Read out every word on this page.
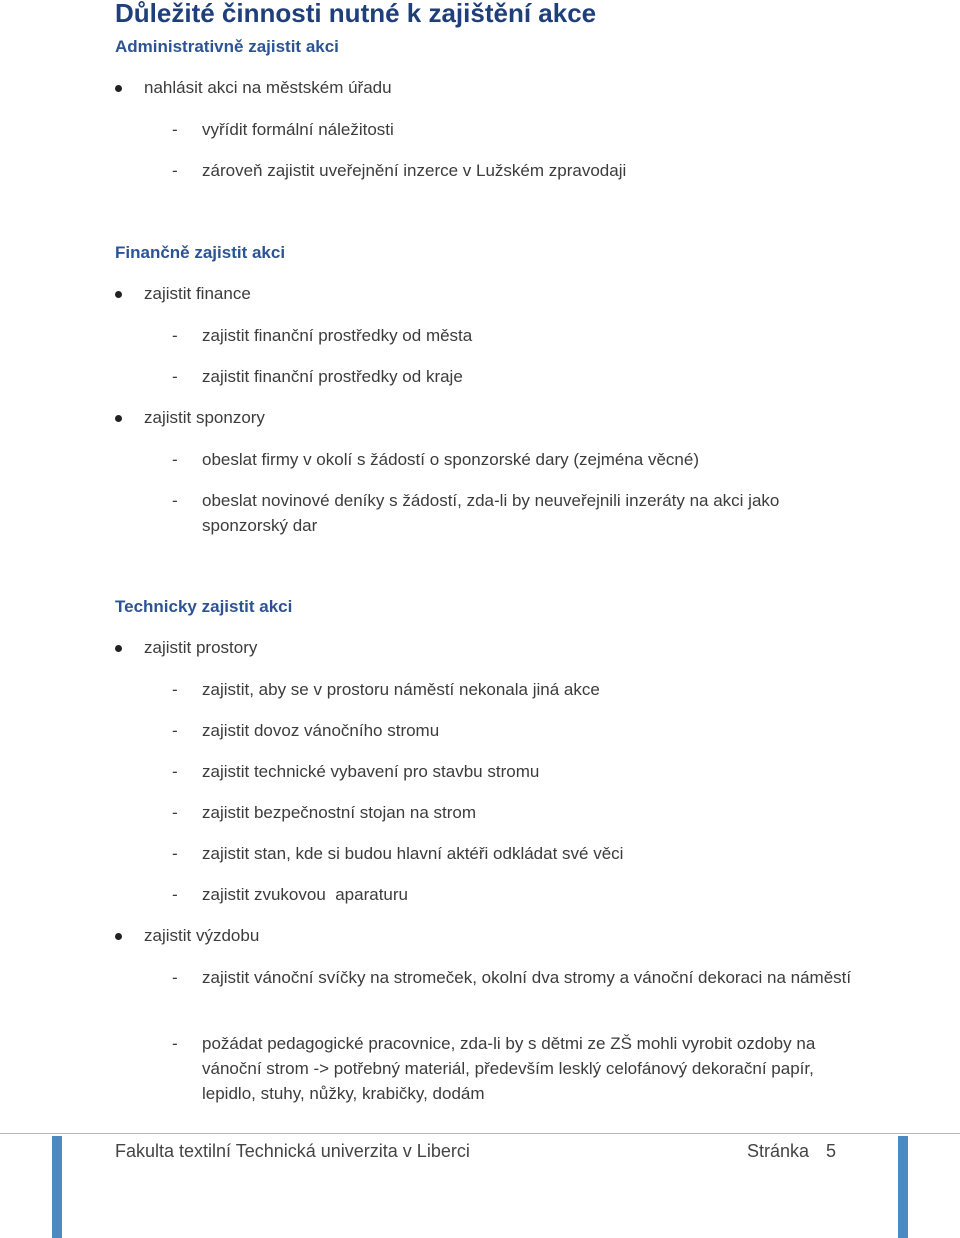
Důležité činnosti nutné k zajištění akce
Administrativně zajistit akci
nahlásit akci na městském úřadu
- vyřídit formální náležitosti
- zároveň zajistit uveřejnění inzerce v Lužském zpravodaji
Finančně zajistit akci
zajistit finance
- zajistit finanční prostředky od města
- zajistit finanční prostředky od kraje
zajistit sponzory
- obeslat firmy v okolí s žádostí o sponzorské dary (zejména věcné)
- obeslat novinové deníky s žádostí, zda-li by neuveřejnili inzeráty na akci jako sponzorský dar
Technicky zajistit akci
zajistit prostory
- zajistit, aby se v prostoru náměstí nekonala jiná akce
- zajistit dovoz vánočního stromu
- zajistit technické vybavení pro stavbu stromu
- zajistit bezpečnostní stojan na strom
- zajistit stan, kde si budou hlavní aktéři odkládat své věci
- zajistit zvukovou  aparaturu
zajistit výzdobu
- zajistit vánoční svíčky na stromeček, okolní dva stromy a vánoční dekoraci na náměstí
- požádat pedagogické pracovnice, zda-li by s dětmi ze ZŠ mohli vyrobit ozdoby na vánoční strom -> potřebný materiál, především lesklý celofánový dekorační papír, lepidlo, stuhy, nůžky, krabičky, dodám
Fakulta textilní Technická univerzita v Liberci	Stránka 5
